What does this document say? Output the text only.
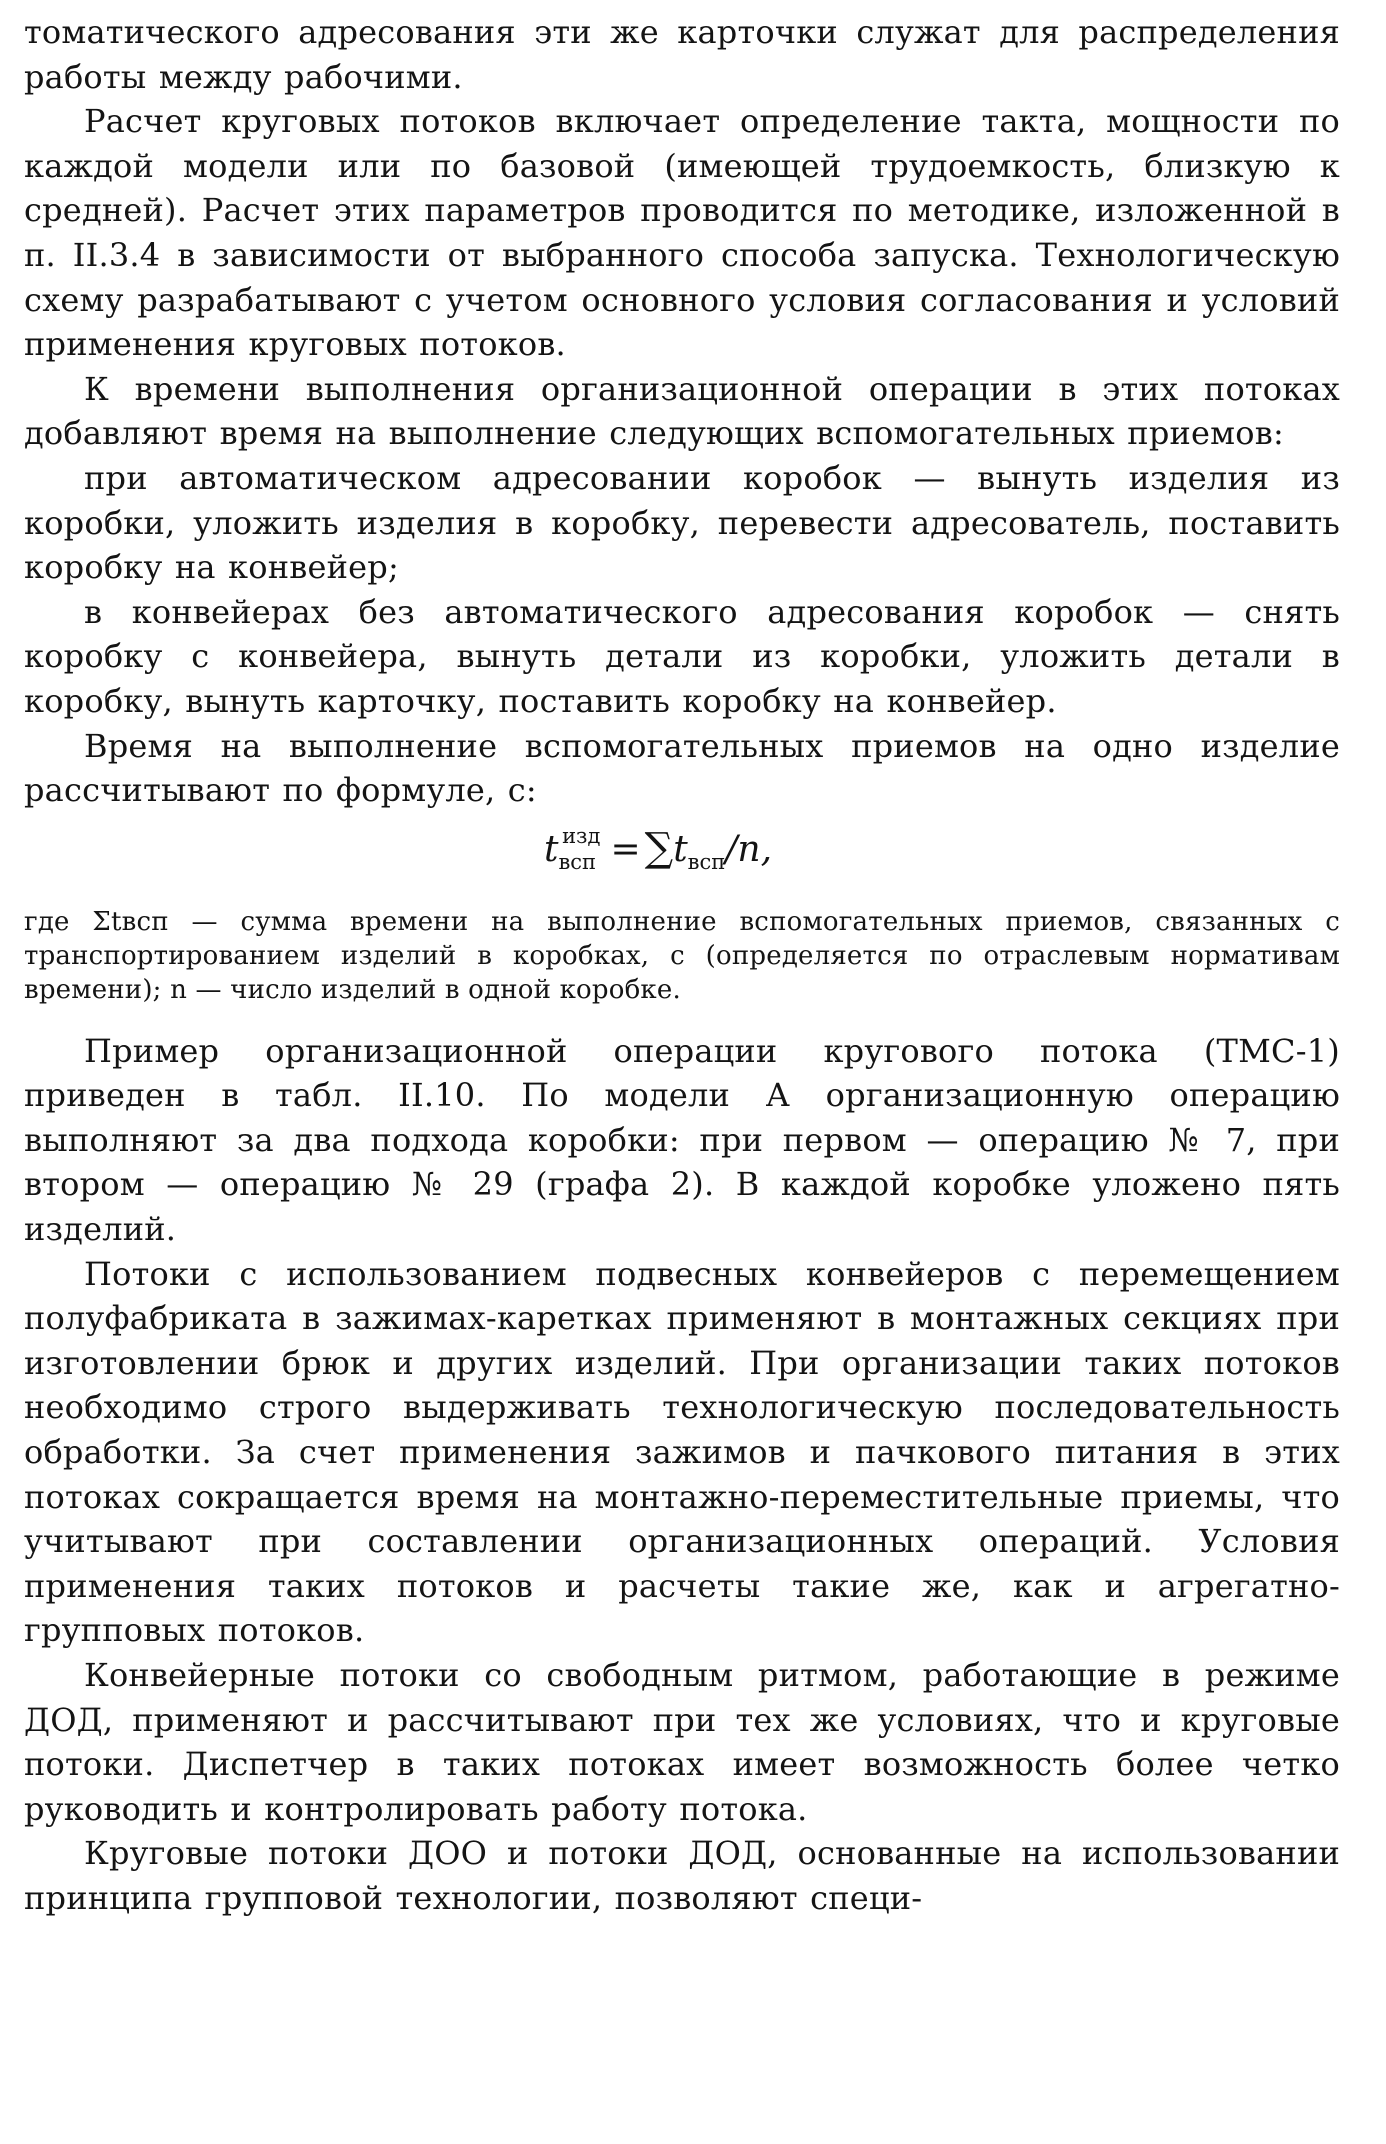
томатического адресования эти же карточки служат для распределения работы между рабочими.

Расчет круговых потоков включает определение такта, мощности по каждой модели или по базовой (имеющей трудоемкость, близкую к средней). Расчет этих параметров проводится по методике, изложенной в п. II.3.4 в зависимости от выбранного способа запуска. Технологическую схему разрабатывают с учетом основного условия согласования и условий применения круговых потоков.

К времени выполнения организационной операции в этих потоках добавляют время на выполнение следующих вспомогательных приемов:

при автоматическом адресовании коробок — вынуть изделия из коробки, уложить изделия в коробку, перевести адресователь, поставить коробку на конвейер;

в конвейерах без автоматического адресования коробок — снять коробку с конвейера, вынуть детали из коробки, уложить детали в коробку, вынуть карточку, поставить коробку на конвейер.

Время на выполнение вспомогательных приемов на одно изделие рассчитывают по формуле, с:

$t_{всп}^{изд} = \sum t_{всп}/n$,

где Σtвсп — сумма времени на выполнение вспомогательных приемов, связанных с транспортированием изделий в коробках, с (определяется по отраслевым нормативам времени); n — число изделий в одной коробке.

Пример организационной операции кругового потока (ТМС-1) приведен в табл. II.10. По модели А организационную операцию выполняют за два подхода коробки: при первом — операцию № 7, при втором — операцию № 29 (графа 2). В каждой коробке уложено пять изделий.

Потоки с использованием подвесных конвейеров с перемещением полуфабриката в зажимах-каретках применяют в монтажных секциях при изготовлении брюк и других изделий. При организации таких потоков необходимо строго выдерживать технологическую последовательность обработки. За счет применения зажимов и пачкового питания в этих потоках сокращается время на монтажно-переместительные приемы, что учитывают при составлении организационных операций. Условия применения таких потоков и расчеты такие же, как и агрегатно-групповых потоков.

Конвейерные потоки со свободным ритмом, работающие в режиме ДОД, применяют и рассчитывают при тех же условиях, что и круговые потоки. Диспетчер в таких потоках имеет возможность более четко руководить и контролировать работу потока.

Круговые потоки ДОО и потоки ДОД, основанные на использовании принципа групповой технологии, позволяют специ-
